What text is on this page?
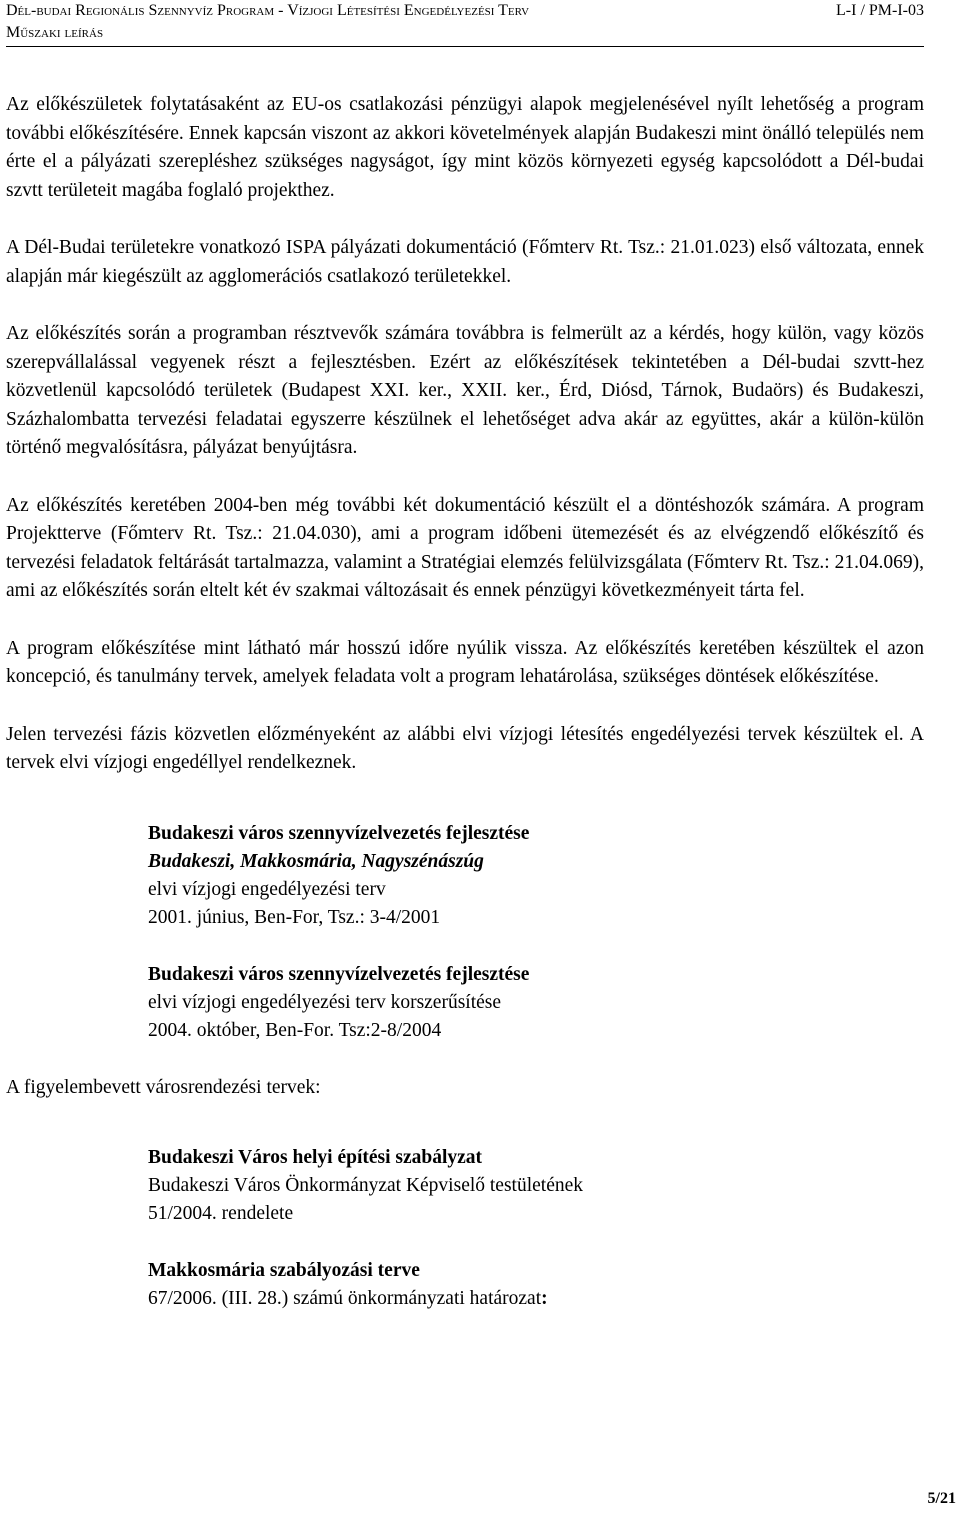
Dél-budai Regionális Szennyvíz Program - Vízjogi Létesítési Engedélyezési Terv	L-I / PM-I-03
Műszaki leírás

Az előkészületek folytatásaként az EU-os csatlakozási pénzügyi alapok megjelenésével nyílt lehetőség a program további előkészítésére. Ennek kapcsán viszont az akkori követelmények alapján Budakeszi mint önálló település nem érte el a pályázati szerepléshez szükséges nagyságot, így mint közös környezeti egység kapcsolódott a Dél-budai szvtt területeit magába foglaló projekthez.

A Dél-Budai területekre vonatkozó ISPA pályázati dokumentáció (Főmterv Rt. Tsz.: 21.01.023) első változata, ennek alapján már kiegészült az agglomerációs csatlakozó területekkel.

Az előkészítés során a programban résztvevők számára továbbra is felmerült az a kérdés, hogy külön, vagy közös szerepvállalással vegyenek részt a fejlesztésben. Ezért az előkészítések tekintetében a Dél-budai szvtt-hez közvetlenül kapcsolódó területek (Budapest XXI. ker., XXII. ker., Érd, Diósd, Tárnok, Budaörs) és Budakeszi, Százhalombatta tervezési feladatai egyszerre készülnek el lehetőséget adva akár az együttes, akár a külön-külön történő megvalósításra, pályázat benyújtásra.

Az előkészítés keretében 2004-ben még további két dokumentáció készült el a döntéshozók számára. A program Projektterve (Főmterv Rt. Tsz.: 21.04.030), ami a program időbeni ütemezését és az elvégzendő előkészítő és tervezési feladatok feltárását tartalmazza, valamint a Stratégiai elemzés felülvizsgálata (Főmterv Rt. Tsz.: 21.04.069), ami az előkészítés során eltelt két év szakmai változásait és ennek pénzügyi következményeit tárta fel.

A program előkészítése mint látható már hosszú időre nyúlik vissza. Az előkészítés keretében készültek el azon koncepció, és tanulmány tervek, amelyek feladata volt a program lehatárolása, szükséges döntések előkészítése.

Jelen tervezési fázis közvetlen előzményeként az alábbi elvi vízjogi létesítés engedélyezési tervek készültek el. A tervek elvi vízjogi engedéllyel rendelkeznek.

Budakeszi város szennyvízelvezetés fejlesztése
Budakeszi, Makkosmária, Nagyszénászúg
elvi vízjogi engedélyezési terv
2001. június, Ben-For, Tsz.: 3-4/2001
Budakeszi város szennyvízelvezetés fejlesztése
elvi vízjogi engedélyezési terv korszerűsítése
2004. október, Ben-For. Tsz:2-8/2004

A figyelembevett városrendezési tervek:

Budakeszi Város helyi építési szabályzat
Budakeszi Város Önkormányzat Képviselő testületének
51/2004. rendelete
Makkosmária szabályozási terve
67/2006. (III. 28.) számú önkormányzati határozat:
5/21
